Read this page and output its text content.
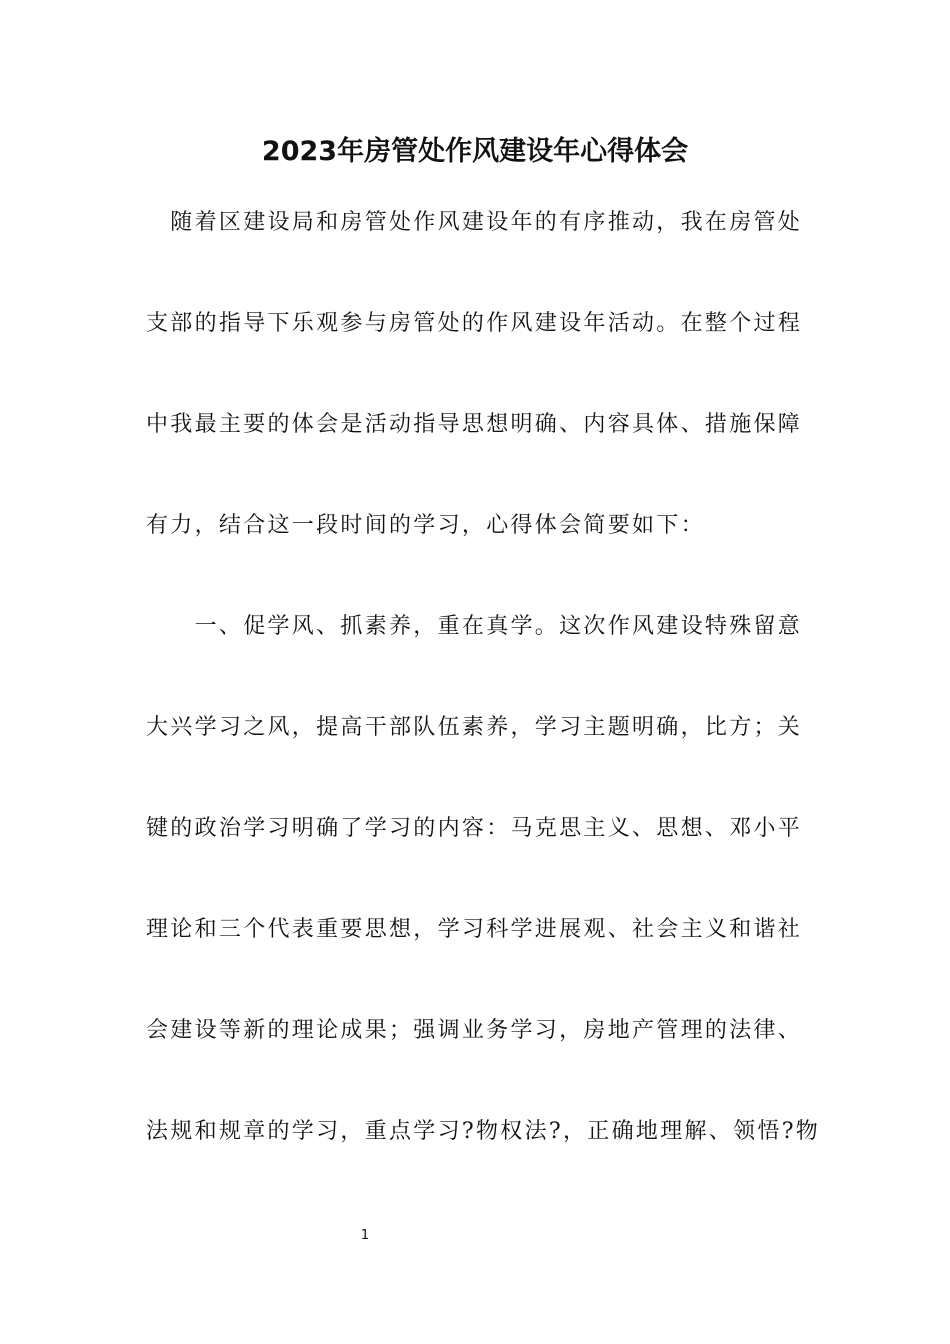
2023年房管处作风建设年心得体会
　随着区建设局和房管处作风建设年的有序推动，我在房管处
支部的指导下乐观参与房管处的作风建设年活动。在整个过程
中我最主要的体会是活动指导思想明确、内容具体、措施保障
有力，结合这一段时间的学习，心得体会简要如下：
　　一、促学风、抓素养，重在真学。这次作风建设特殊留意
大兴学习之风，提高干部队伍素养，学习主题明确，比方；关
键的政治学习明确了学习的内容：马克思主义、思想、邓小平
理论和三个代表重要思想，学习科学进展观、社会主义和谐社
会建设等新的理论成果；强调业务学习，房地产管理的法律、
法规和规章的学习，重点学习?物权法?，正确地理解、领悟?物
1
